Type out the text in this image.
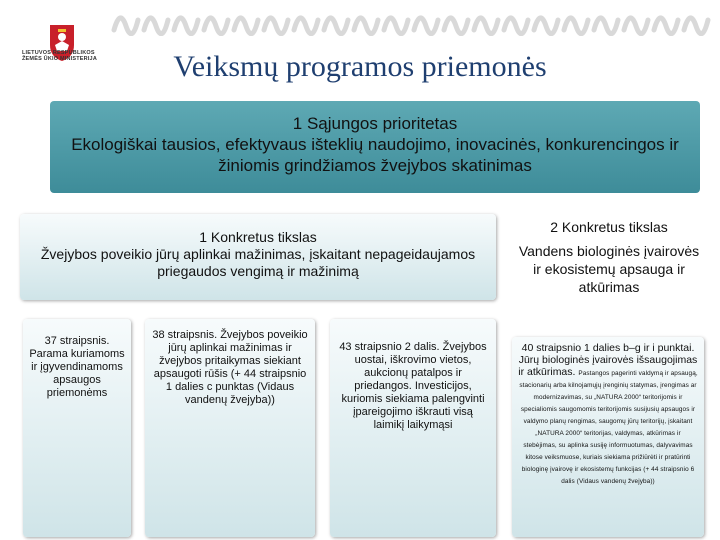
LIETUVOS RESPUBLIKOS
ŽEMĖS ŪKIO MINISTERIJA	Veiksmų programos priemonės
1 Sąjungos prioritetas
Ekologiškai tausios, efektyvaus išteklių naudojimo, inovacinės, konkurencingos ir žiniomis grindžiamos žvejybos skatinimas
1 Konkretus tikslas
Žvejybos poveikio jūrų aplinkai mažinimas, įskaitant nepageidaujamos priegaudos vengimą ir mažinimą
2 Konkretus tikslas
Vandens biologinės įvairovės ir ekosistemų apsauga ir atkūrimas
37 straipsnis. Parama kuriamoms ir įgyvendinamoms apsaugos priemonėms
38 straipsnis. Žvejybos poveikio jūrų aplinkai mažinimas ir žvejybos pritaikymas siekiant apsaugoti rūšis (+ 44 straipsnio 1 dalies c punktas (Vidaus vandenų žvejyba))
43 straipsnio 2 dalis. Žvejybos uostai, iškrovimo vietos, aukcionų patalpos ir priedangos. Investicijos, kuriomis siekiama palengvinti įpareigojimo iškrauti visą laimikį laikymąsi
40 straipsnio 1 dalies b–g ir i punktai. Jūrų biologinės įvairovės išsaugojimas ir atkūrimas. Pastangos pagerinti valdymą ir apsaugą, stacionarių arba kilnojamųjų įrenginių statymas, įrengimas ar modernizavimas, su „NATURA 2000“ teritorijomis ir specialiomis saugomomis teritorijomis susijusių apsaugos ir valdymo planų rengimas, saugomų jūrų teritorijų, įskaitant „NATURA 2000“ teritorijas, valdymas, atkūrimas ir stebėjimas, su aplinka susiję informuotumas, dalyvavimas kitose veiksmuose, kuriais siekiama prižiūrėti ir pratūrinti biologinę įvairovę ir ekosistemų funkcijas (+ 44 straipsnio 6 dalis (Vidaus vandenų žvejyba))
